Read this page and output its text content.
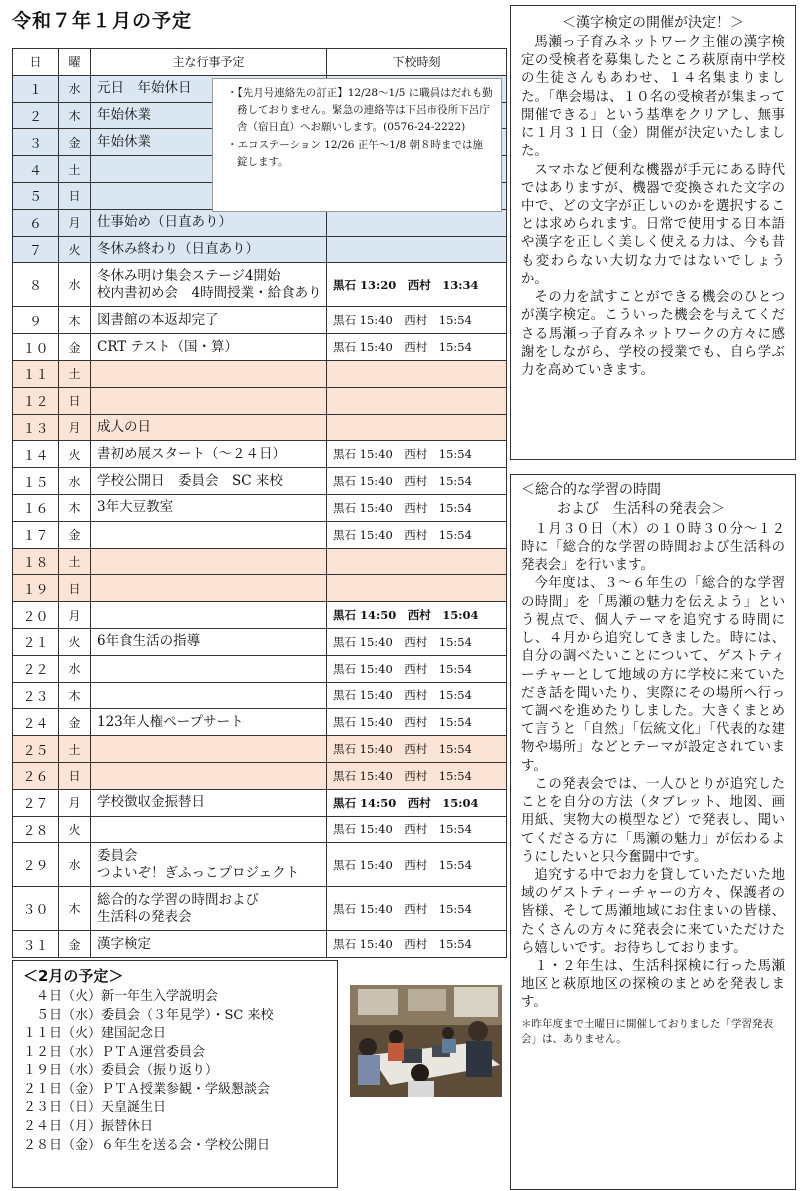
令和７年１月の予定
日	曜	主な行事予定	下校時刻
１	水	元日　年始休日	

２	木	年始休業	

３	金	年始休業	

４	土	

５	日	

６	月	仕事始め（日直あり）	

７	火	冬休み終わり（日直あり）	

８	水	冬休み明け集会ステージ4開始
校内書初め会　4時間授業・給食あり	黒石 13:20　西村　13:34
９	木	図書館の本返却完了	黒石 15:40　西村　15:54
１０	金	CRT テスト（国・算）	黒石 15:40　西村　15:54
１１	土	

１２	日	

１３	月	成人の日	

１４	火	書初め展スタート（～２４日）	黒石 15:40　西村　15:54
１５	水	学校公開日　委員会　SC 来校	黒石 15:40　西村　15:54
１６	木	3年大豆教室	黒石 15:40　西村　15:54
１７	金		黒石 15:40　西村　15:54
１８	土	

１９	日	

２０	月		黒石 14:50　西村　15:04
２１	火	6年食生活の指導	黒石 15:40　西村　15:54
２２	水		黒石 15:40　西村　15:54
２３	木		黒石 15:40　西村　15:54
２４	金	123年人権ペープサート	黒石 15:40　西村　15:54
２５	土		黒石 15:40　西村　15:54
２６	日		黒石 15:40　西村　15:54
２７	月	学校徴収金振替日	黒石 14:50　西村　15:04
２８	火		黒石 15:40　西村　15:54
２９	水	委員会
つよいぞ！ぎふっこプロジェクト	黒石 15:40　西村　15:54
３０	木	総合的な学習の時間および
生活科の発表会	黒石 15:40　西村　15:54
３１	金	漢字検定	黒石 15:40　西村　15:54
・【先月号連絡先の訂正】12/28～1/5 に職員はだれも勤務しておりません。緊急の連絡等は下呂市役所下呂庁舎（宿日直）へお願いします。(0576-24-2222)
・エコステーション 12/26 正午～1/8 朝８時までは施錠します。
＜漢字検定の開催が決定！＞

馬瀬っ子育みネットワーク主催の漢字検定の受検者を募集したところ萩原南中学校の生徒さんもあわせ、１４名集まりました。「準会場は、１０名の受検者が集まって開催できる」という基準をクリアし、無事に１月３１日（金）開催が決定いたしました。

スマホなど便利な機器が手元にある時代ではありますが、機器で変換された文字の中で、どの文字が正しいのかを選択することは求められます。日常で使用する日本語や漢字を正しく美しく使える力は、今も昔も変わらない大切な力ではないでしょうか。

その力を試すことができる機会のひとつが漢字検定。こういった機会を与えてくださる馬瀬っ子育みネットワークの方々に感謝をしながら、学校の授業でも、自ら学ぶ力を高めていきます。

＜総合的な学習の時間
および　生活科の発表会＞

１月３０日（木）の１０時３０分～１２時に「総合的な学習の時間および生活科の発表会」を行います。

今年度は、３～６年生の「総合的な学習の時間」を「馬瀬の魅力を伝えよう」という視点で、個人テーマを追究する時間にし、４月から追究してきました。時には、自分の調べたいことについて、ゲストティーチャーとして地域の方に学校に来ていただき話を聞いたり、実際にその場所へ行って調べを進めたりしました。大きくまとめて言うと「自然」「伝統文化」「代表的な建物や場所」などとテーマが設定されています。

この発表会では、一人ひとりが追究したことを自分の方法（タブレット、地図、画用紙、実物大の模型など）で発表し、聞いてくださる方に「馬瀬の魅力」が伝わるようにしたいと只今奮闘中です。

追究する中でお力を貸していただいた地域のゲストティーチャーの方々、保護者の皆様、そして馬瀬地域にお住まいの皆様、たくさんの方々に発表会に来ていただけたら嬉しいです。お待ちしております。

１・２年生は、生活科探検に行った馬瀬地区と萩原地区の探検のまとめを発表します。

＊昨年度まで土曜日に開催しておりました「学習発表会」は、ありません。
＜2月の予定＞
　４日（火）新一年生入学説明会
　５日（水）委員会（３年見学）・SC 来校
１１日（火）建国記念日
１２日（水）ＰＴＡ運営委員会
１９日（水）委員会（振り返り）
２１日（金）ＰＴＡ授業参観・学級懇談会
２３日（日）天皇誕生日
２４日（月）振替休日
２８日（金）６年生を送る会・学校公開日
